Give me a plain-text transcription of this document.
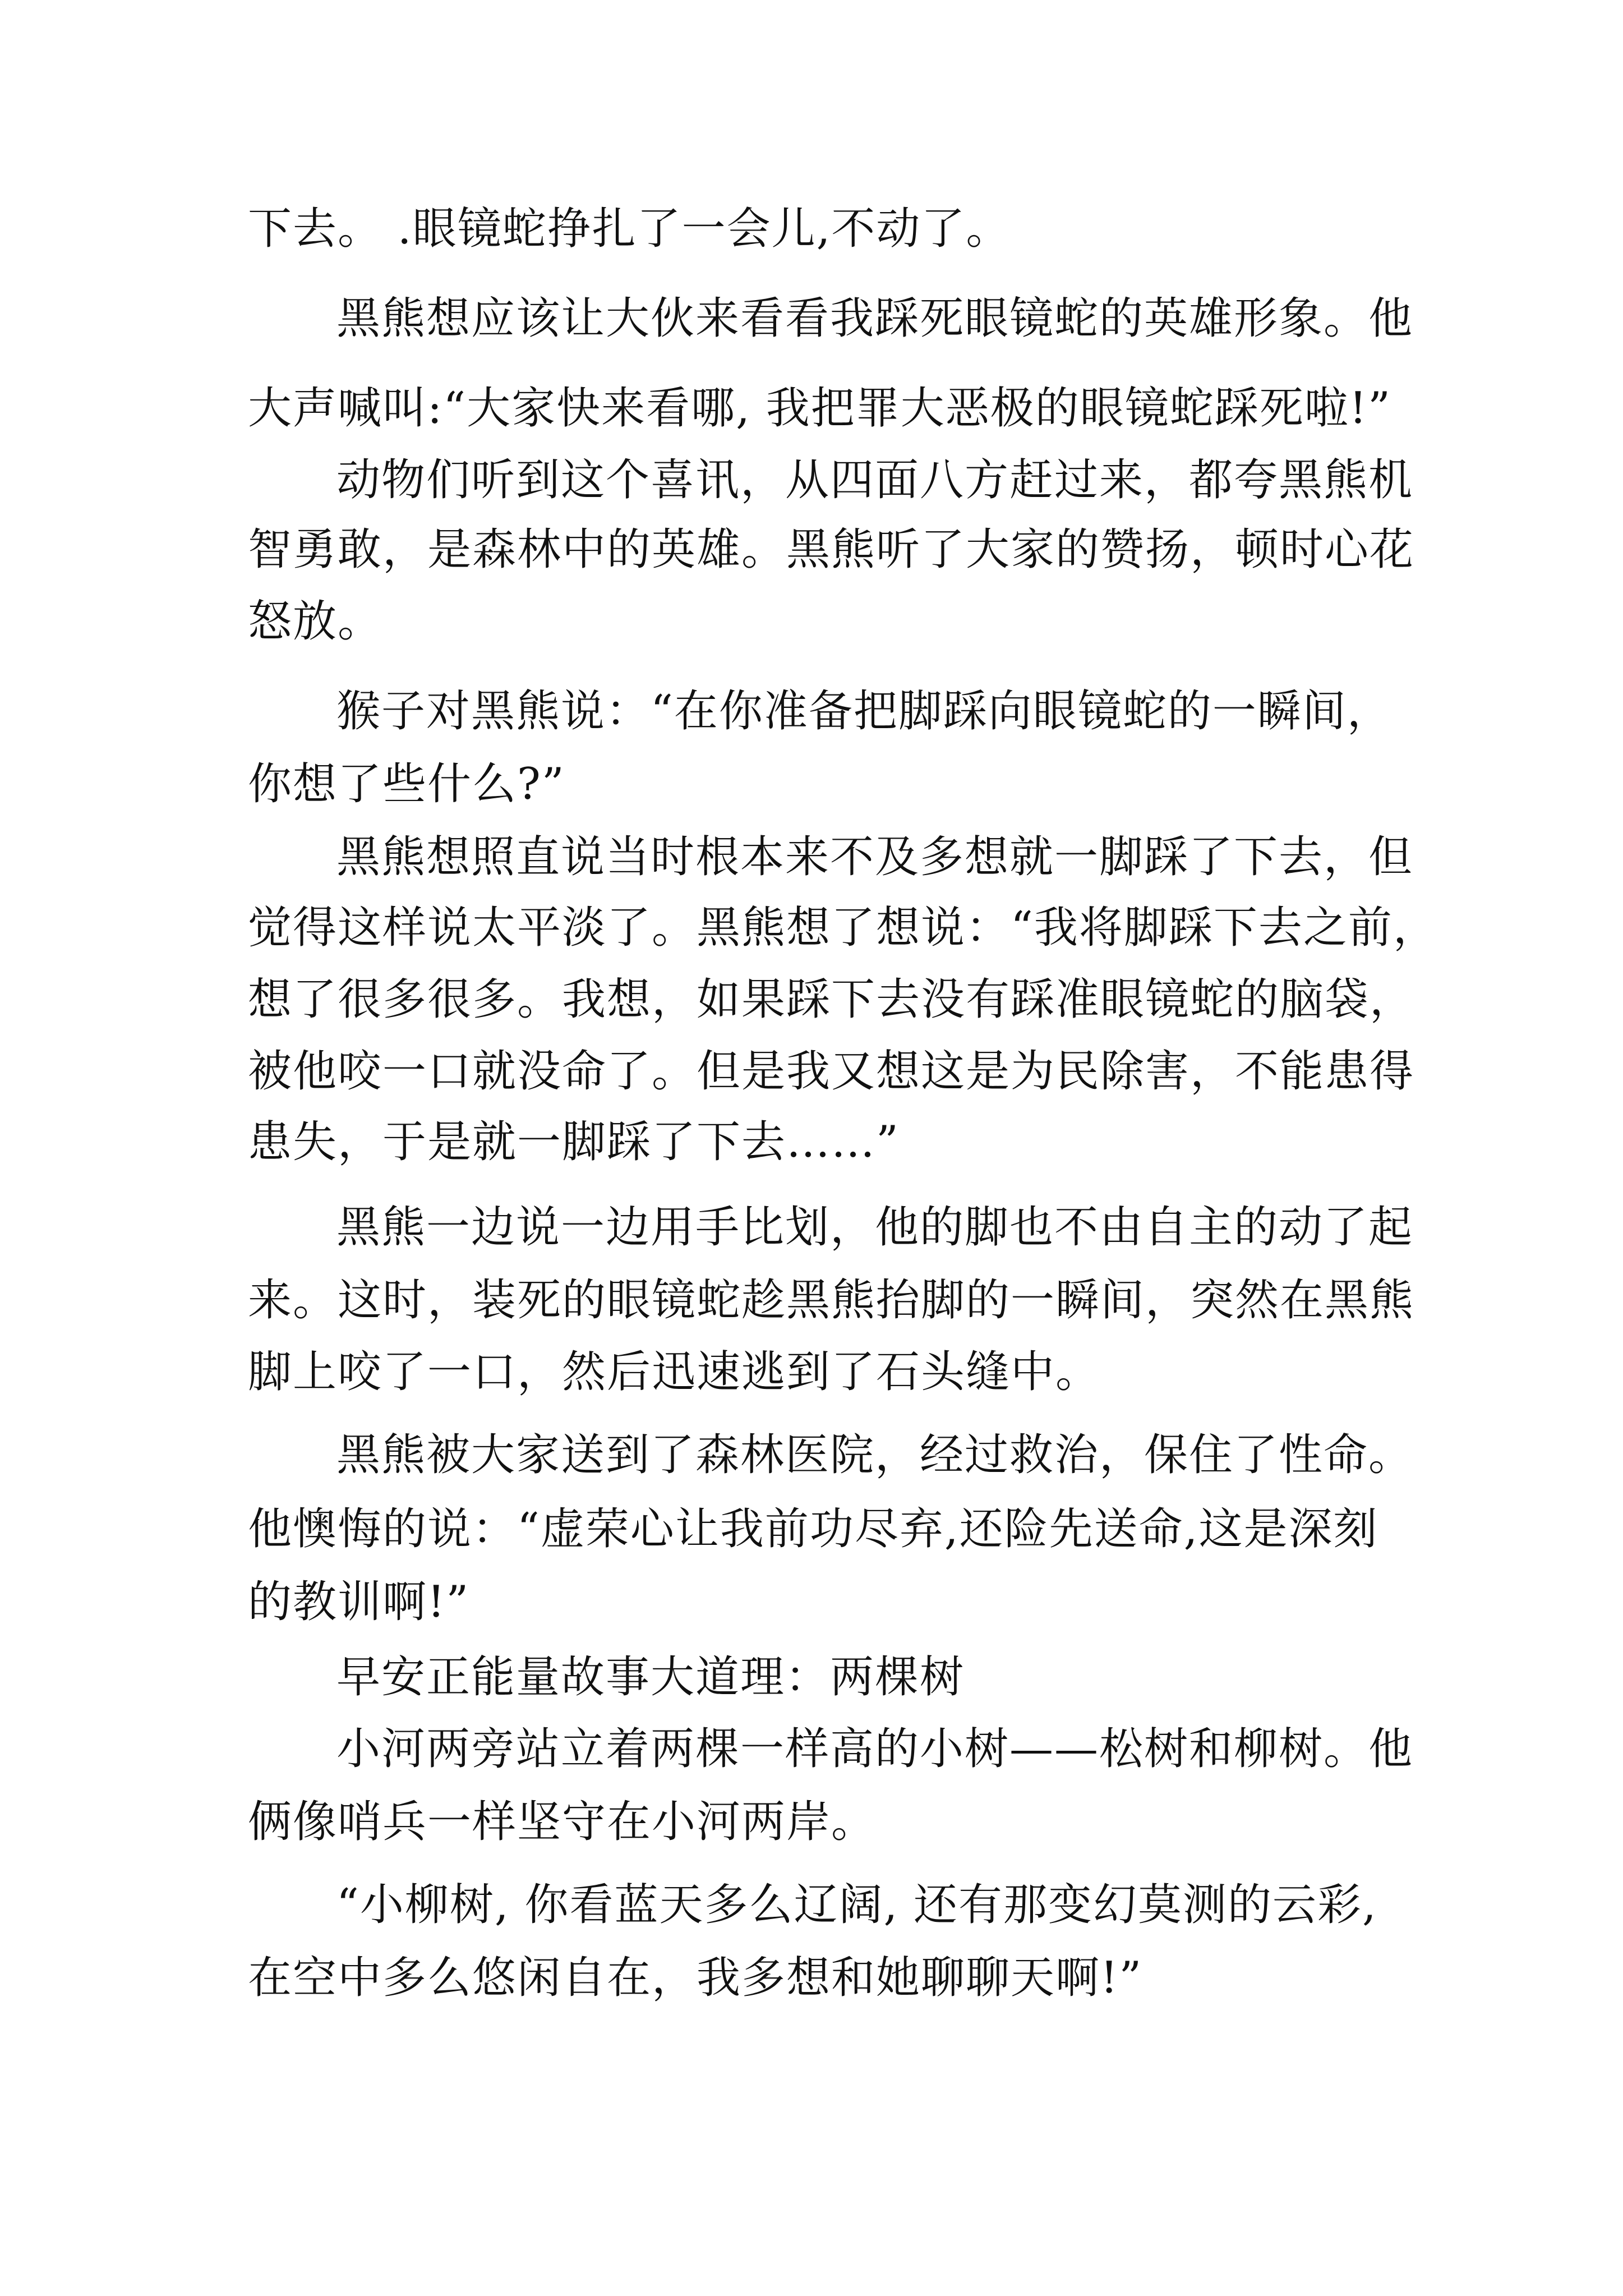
下去。 .眼镜蛇挣扎了一会儿,不动了。
黑熊想应该让大伙来看看我踩死眼镜蛇的英雄形象。他
大声喊叫:“大家快来看哪, 我把罪大恶极的眼镜蛇踩死啦!”
动物们听到这个喜讯，从四面八方赶过来，都夸黑熊机
智勇敢，是森林中的英雄。黑熊听了大家的赞扬，顿时心花
怒放。
猴子对黑熊说：“在你准备把脚踩向眼镜蛇的一瞬间，
你想了些什么?”
黑熊想照直说当时根本来不及多想就一脚踩了下去，但
觉得这样说太平淡了。黑熊想了想说：“我将脚踩下去之前，
想了很多很多。我想，如果踩下去没有踩准眼镜蛇的脑袋，
被他咬一口就没命了。但是我又想这是为民除害，不能患得
患失，于是就一脚踩了下去……”
黑熊一边说一边用手比划，他的脚也不由自主的动了起
来。这时，装死的眼镜蛇趁黑熊抬脚的一瞬间，突然在黑熊
脚上咬了一口，然后迅速逃到了石头缝中。
黑熊被大家送到了森林医院，经过救治，保住了性命。
他懊悔的说：“虚荣心让我前功尽弃,还险先送命,这是深刻
的教训啊!”
早安正能量故事大道理：两棵树
小河两旁站立着两棵一样高的小树——松树和柳树。他
俩像哨兵一样坚守在小河两岸。
“小柳树, 你看蓝天多么辽阔, 还有那变幻莫测的云彩,
在空中多么悠闲自在，我多想和她聊聊天啊!”
